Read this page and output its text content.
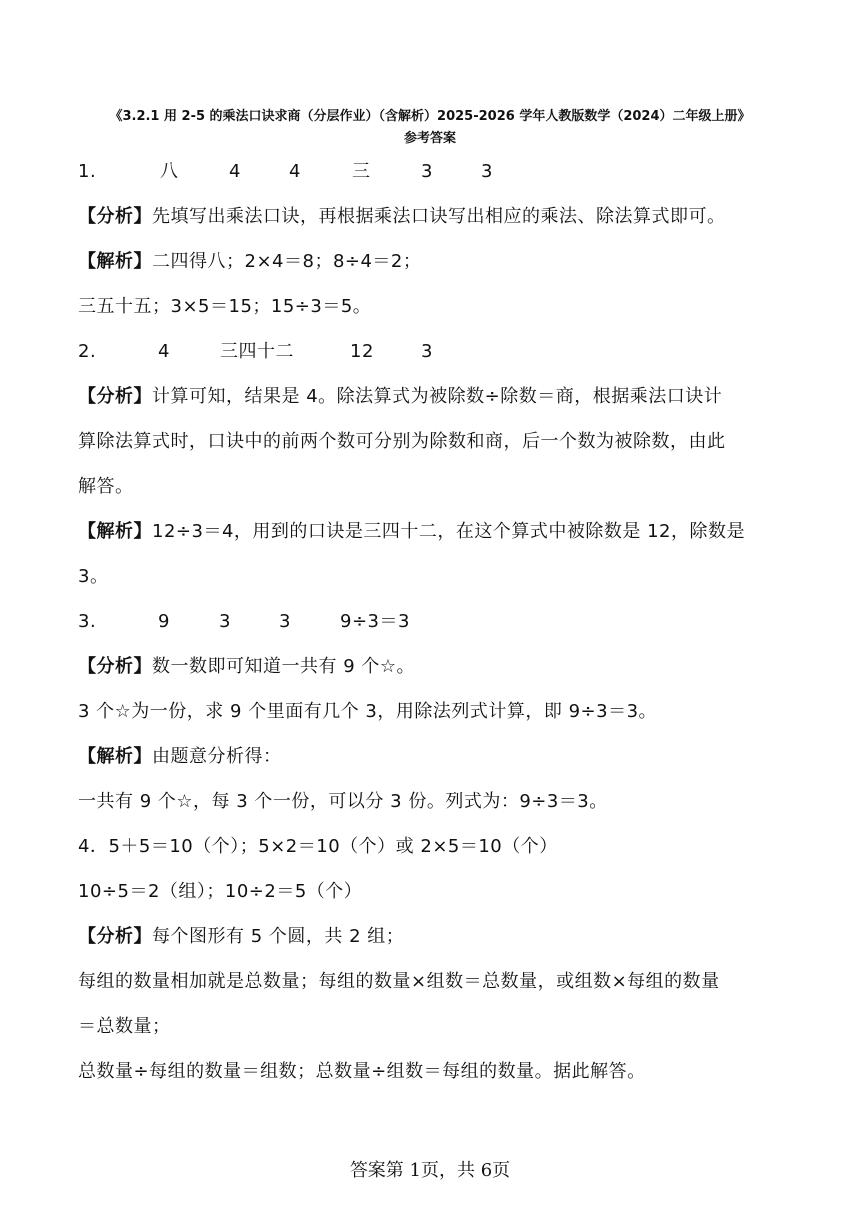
《3.2.1 用 2-5 的乘法口诀求商（分层作业）（含解析）2025-2026 学年人教版数学（2024）二年级上册》
参考答案
1.	八	4	4	三	3	3
【分析】先填写出乘法口诀，再根据乘法口诀写出相应的乘法、除法算式即可。
【解析】二四得八；2×4＝8；8÷4＝2；
三五十五；3×5＝15；15÷3＝5。
2.	4	三四十二	12	3
【分析】计算可知，结果是 4。除法算式为被除数÷除数＝商，根据乘法口诀计
算除法算式时，口诀中的前两个数可分别为除数和商，后一个数为被除数，由此
解答。
【解析】12÷3＝4，用到的口诀是三四十二，在这个算式中被除数是 12，除数是
3。
3.	9	3	3	9÷3＝3
【分析】数一数即可知道一共有 9 个☆。
3 个☆为一份，求 9 个里面有几个 3，用除法列式计算，即 9÷3＝3。
【解析】由题意分析得：
一共有 9 个☆，每 3 个一份，可以分 3 份。列式为：9÷3＝3。
4．5＋5＝10（个）；5×2＝10（个）或 2×5＝10（个）
10÷5＝2（组）；10÷2＝5（个）
【分析】每个图形有 5 个圆，共 2 组；
每组的数量相加就是总数量；每组的数量×组数＝总数量，或组数×每组的数量
＝总数量；
总数量÷每组的数量＝组数；总数量÷组数＝每组的数量。据此解答。
答案第 1页，共 6页
